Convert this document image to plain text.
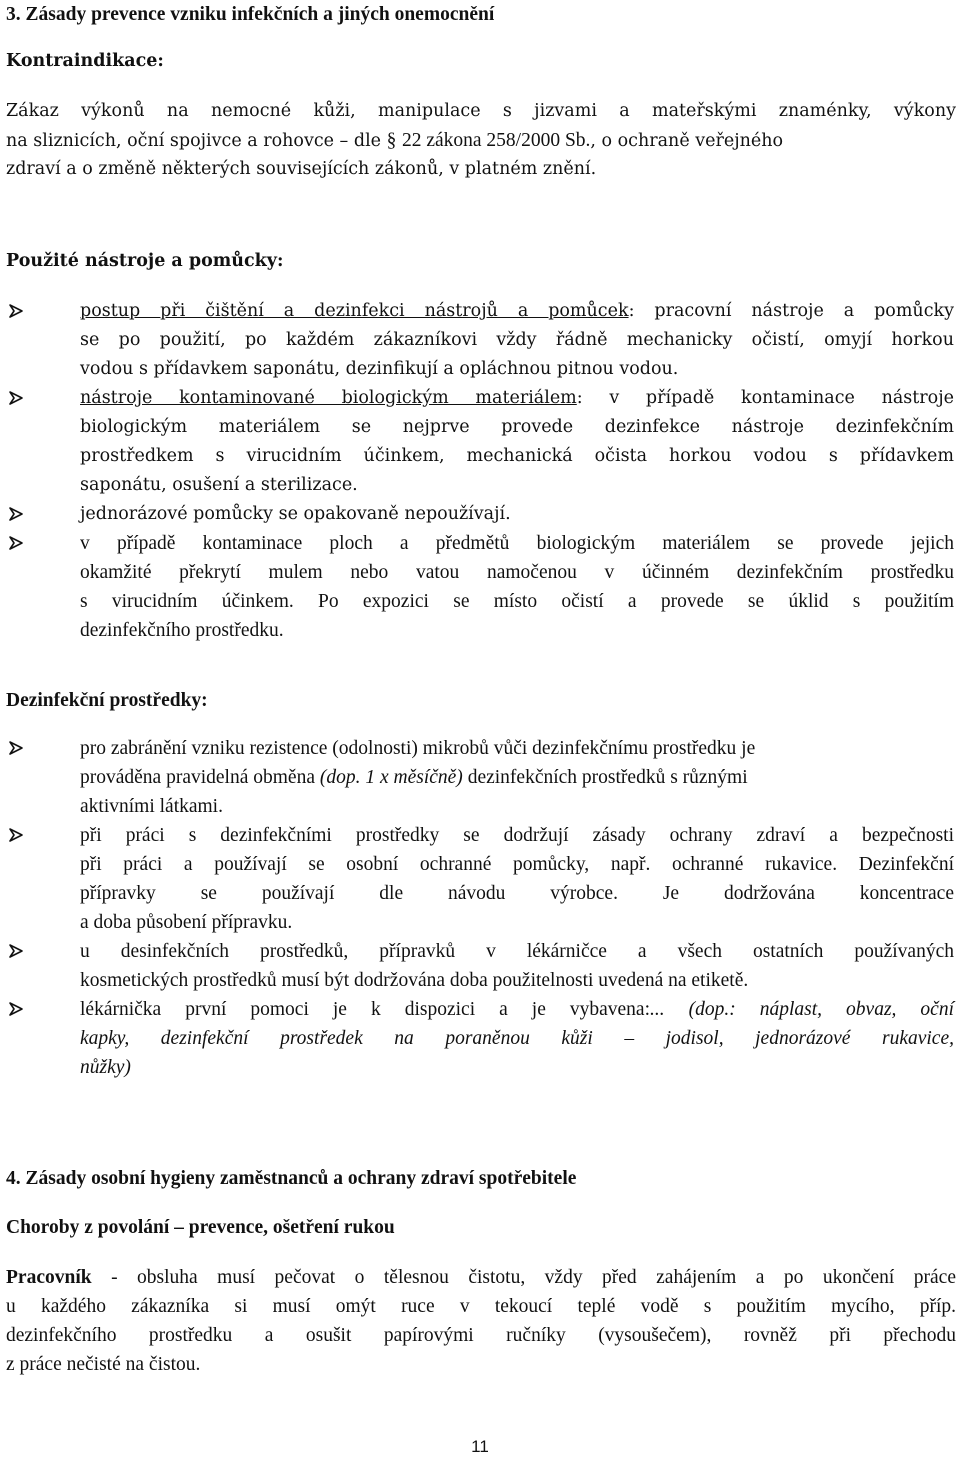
3. Zásady prevence vzniku infekčních a jiných onemocnění
Kontraindikace:
Zákaz výkonů na nemocné kůži, manipulace s jizvami a mateřskými znaménky, výkony
na sliznicích, oční spojivce a rohovce – dle § 22 zákona 258/2000 Sb., o ochraně veřejného
zdraví a o změně některých souvisejících zákonů, v platném znění.
Použité nástroje a pomůcky:
postup při čištění a dezinfekci nástrojů a pomůcek: pracovní nástroje a pomůcky
se po použití, po každém zákazníkovi vždy řádně mechanicky očistí, omyjí horkou
vodou s přídavkem saponátu, dezinfikují a opláchnou pitnou vodou.
nástroje kontaminované biologickým materiálem: v případě kontaminace nástroje
biologickým materiálem se nejprve provede dezinfekce nástroje dezinfekčním
prostředkem s virucidním účinkem, mechanická očista horkou vodou s přídavkem
saponátu, osušení a sterilizace.
jednorázové pomůcky se opakovaně nepoužívají.
v případě kontaminace ploch a předmětů biologickým materiálem se provede jejich
okamžité překrytí mulem nebo vatou namočenou v účinném dezinfekčním prostředku
s virucidním účinkem. Po expozici se místo očistí a provede se úklid s použitím
dezinfekčního prostředku.
Dezinfekční prostředky:
pro zabránění vzniku rezistence (odolnosti) mikrobů vůči dezinfekčnímu prostředku je
prováděna pravidelná obměna (dop. 1 x měsíčně) dezinfekčních prostředků s různými
aktivními látkami.
při práci s dezinfekčními prostředky se dodržují zásady ochrany zdraví a bezpečnosti
při práci a používají se osobní ochranné pomůcky, např. ochranné rukavice. Dezinfekční
přípravky se používají dle návodu výrobce. Je dodržována koncentrace
a doba působení přípravku.
u desinfekčních prostředků, přípravků v lékárničce a všech ostatních používaných
kosmetických prostředků musí být dodržována doba použitelnosti uvedená na etiketě.
lékárnička první pomoci je k dispozici a je vybavena:... (dop.: náplast, obvaz, oční
kapky, dezinfekční prostředek na poraněnou kůži – jodisol, jednorázové rukavice,
nůžky)
4. Zásady osobní hygieny zaměstnanců a ochrany zdraví spotřebitele
Choroby z povolání – prevence, ošetření rukou
Pracovník - obsluha musí pečovat o tělesnou čistotu, vždy před zahájením a po ukončení práce
u každého zákazníka si musí omýt ruce v tekoucí teplé vodě s použitím mycího, příp.
dezinfekčního prostředku a osušit papírovými ručníky (vysoušečem), rovněž při přechodu
z práce nečisté na čistou.
11
